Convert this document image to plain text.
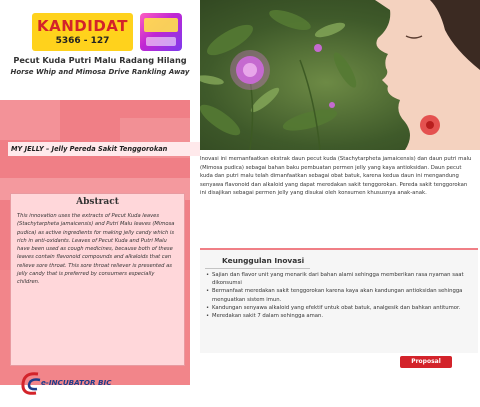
KANDIDAT
5366 - 127
Pecut Kuda Putri Malu Radang Hilang
Horse Whip and Mimosa Drive Rankling Away
MY JELLY – Jelly Pereda Sakit Tenggorokan
Abstract
This innovation uses the extracts of Pecut Kuda leaves (Stachytarpheta jamaicensis) and Putri Malu leaves (Mimosa pudica) as active ingredients for making jelly candy which is rich in anti-oxidants. Leaves of Pecut Kuda and Putri Malu have been used as cough medicines, because both of these leaves contain flavonoid compounds and alkaloids that can relieve sore throat. This sore throat reliever is presented as jelly candy that is preferred by consumers especially children.
Inovasi ini memanfaatkan ekstrak daun pecut kuda (Stachytarpheta jamaicensis) dan daun putri malu (Mimosa pudica) sebagai bahan baku pembuatan permen jelly yang kaya antioksidan. Daun pecut kuda dan putri malu telah dimanfaatkan sebagai obat batuk, karena kedua daun ini mengandung senyawa flavonoid dan alkaloid yang dapat meredakan sakit tenggorokan. Pereda sakit tenggorokan ini disajikan sebagai permen jelly yang disukai oleh konsumen khususnya anak-anak.
Keunggulan Inovasi
• Sajian dan flavor unit yang menarik dari bahan alami sehingga memberikan rasa nyaman saat dikonsumsi
• Bermanfaat meredakan sakit tenggorokan karena kaya akan kandungan antioksidan sehingga menguatkan sistem imun.
• Kandungan senyawa alkaloid yang efektif untuk obat batuk, analgesik dan bahkan antitumor.
• Meredakan sakit 7 dalam sehingga aman.
Proposal
e-INCUBATOR BIC
